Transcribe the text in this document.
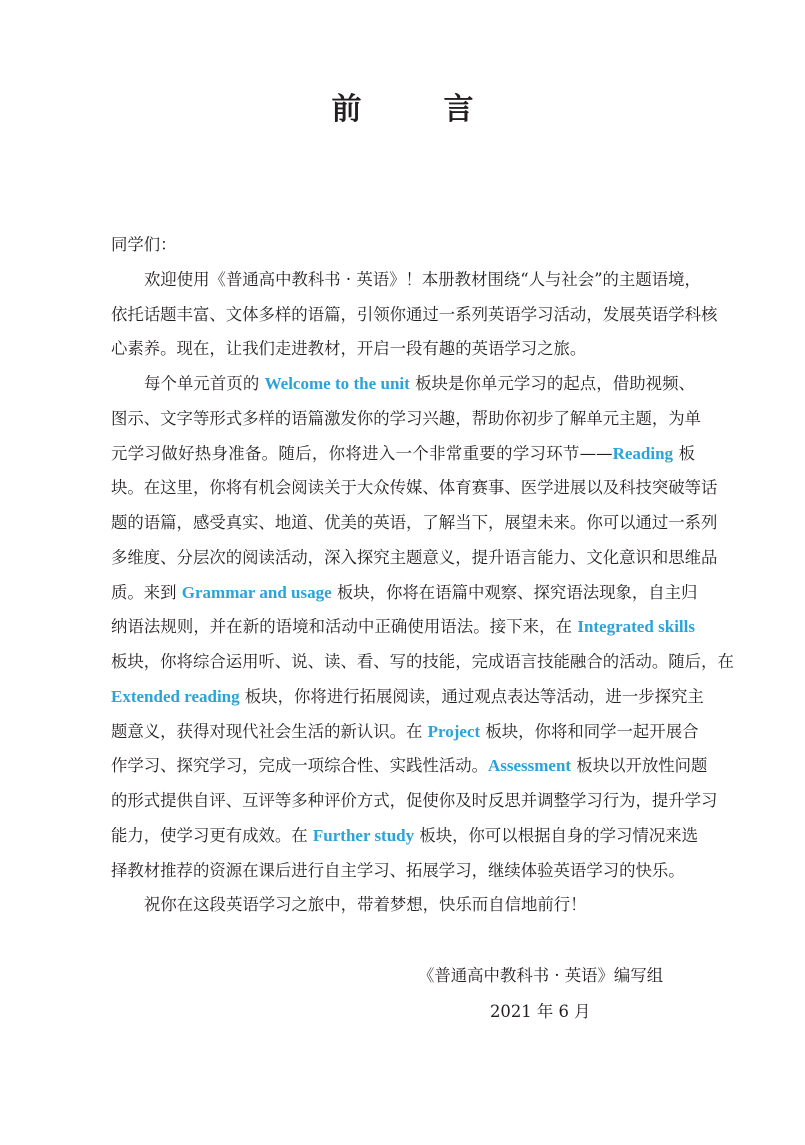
前　言
同学们：
欢迎使用《普通高中教科书 · 英语》！本册教材围绕“人与社会”的主题语境，
依托话题丰富、文体多样的语篇，引领你通过一系列英语学习活动，发展英语学科核
心素养。现在，让我们走进教材，开启一段有趣的英语学习之旅。
每个单元首页的 Welcome to the unit 板块是你单元学习的起点，借助视频、
图示、文字等形式多样的语篇激发你的学习兴趣，帮助你初步了解单元主题，为单
元学习做好热身准备。随后，你将进入一个非常重要的学习环节——Reading 板
块。在这里，你将有机会阅读关于大众传媒、体育赛事、医学进展以及科技突破等话
题的语篇，感受真实、地道、优美的英语，了解当下，展望未来。你可以通过一系列
多维度、分层次的阅读活动，深入探究主题意义，提升语言能力、文化意识和思维品
质。来到 Grammar and usage 板块，你将在语篇中观察、探究语法现象，自主归
纳语法规则，并在新的语境和活动中正确使用语法。接下来，在 Integrated skills
板块，你将综合运用听、说、读、看、写的技能，完成语言技能融合的活动。随后，在
Extended reading 板块，你将进行拓展阅读，通过观点表达等活动，进一步探究主
题意义，获得对现代社会生活的新认识。在 Project 板块，你将和同学一起开展合
作学习、探究学习，完成一项综合性、实践性活动。Assessment 板块以开放性问题
的形式提供自评、互评等多种评价方式，促使你及时反思并调整学习行为，提升学习
能力，使学习更有成效。在 Further study 板块，你可以根据自身的学习情况来选
择教材推荐的资源在课后进行自主学习、拓展学习，继续体验英语学习的快乐。
祝你在这段英语学习之旅中，带着梦想，快乐而自信地前行！
《普通高中教科书 · 英语》编写组
2021 年 6 月
